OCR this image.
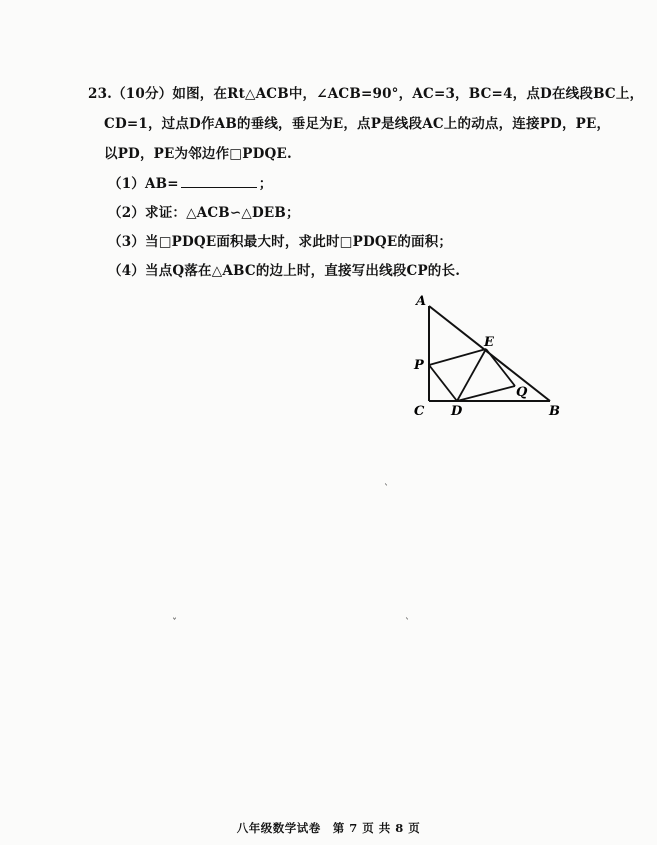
23.（10分）如图，在Rt△ACB中，∠ACB=90°，AC=3，BC=4，点D在线段BC上，
CD=1，过点D作AB的垂线，垂足为E，点P是线段AC上的动点，连接PD，PE，
以PD，PE为邻边作□PDQE.
（1）AB=	；
（2）求证：△ACB∽△DEB；
（3）当□PDQE面积最大时，求此时□PDQE的面积；
（4）当点Q落在△ABC的边上时，直接写出线段CP的长.
A
P
E
Q
C D	B
`
ˇ	`
八年级数学试卷　第 7 页 共 8 页
